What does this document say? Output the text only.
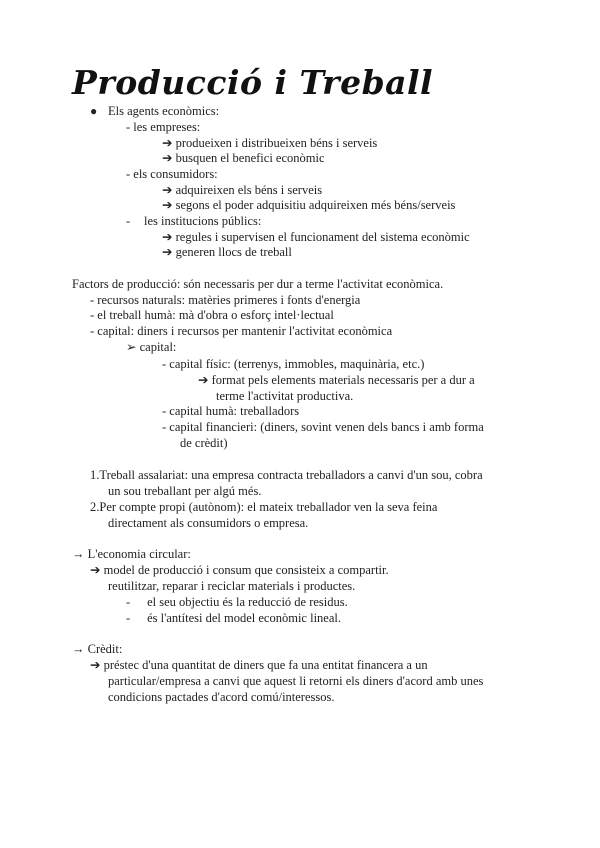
Producció i Treball
● Els agents econòmics:
- les empreses:
➔ produeixen i distribueixen béns i serveis
➔ busquen el benefici econòmic
- els consumidors:
➔ adquireixen els béns i serveis
➔ segons el poder adquisitiu adquireixen més béns/serveis
- les institucions públics:
➔ regules i supervisen el funcionament del sistema econòmic
➔ generen llocs de treball
Factors de producció: són necessaris per dur a terme l'activitat econòmica.
- recursos naturals: matèries primeres i fonts d'energia
- el treball humà: mà d'obra o esforç intel·lectual
- capital: diners i recursos per mantenir l'activitat econòmica
➢ capital:
- capital físic: (terrenys, immobles, maquinària, etc.)
➔ format pels elements materials necessaris per a dur a
terme l'activitat productiva.
- capital humà: treballadors
- capital financieri: (diners, sovint venen dels bancs i amb forma
de crèdit)
1.Treball assalariat: una empresa contracta treballadors a canvi d'un sou, cobra
un sou treballant per algú més.
2.Per compte propi (autònom): el mateix treballador ven la seva feina
directament als consumidors o empresa.
→ L'economia circular:
➔ model de producció i consum que consisteix a compartir.
reutilitzar, reparar i reciclar materials i productes.
- el seu objectiu és la reducció de residus.
- és l'antítesi del model econòmic lineal.
→ Crèdit:
➔ préstec d'una quantitat de diners que fa una entitat financera a un
particular/empresa a canvi que aquest li retorni els diners d'acord amb unes
condicions pactades d'acord comú/interessos.
